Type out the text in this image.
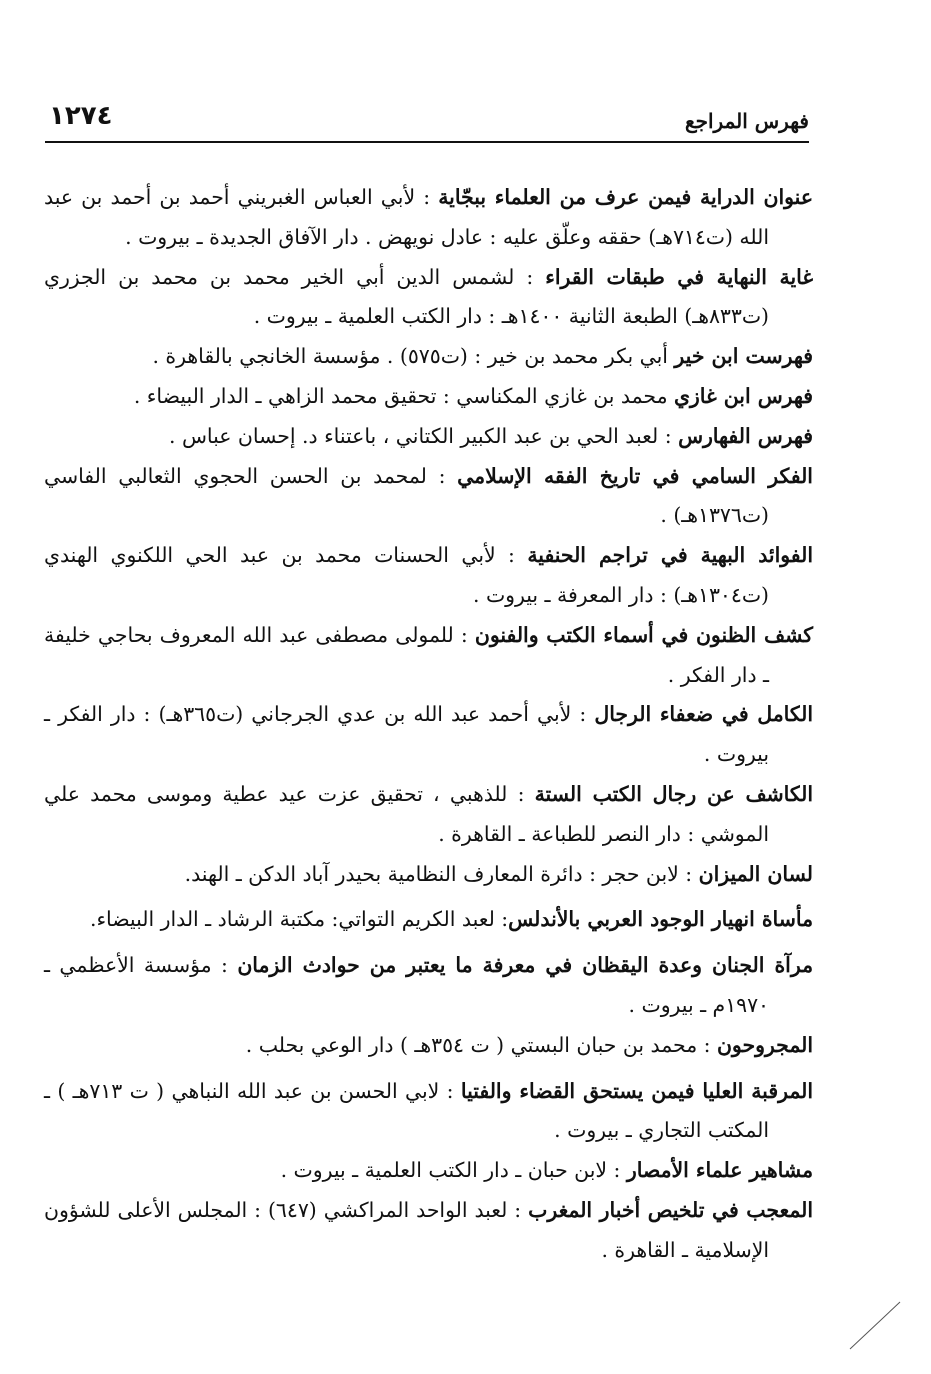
١٢٧٤	فهرس المراجع

عنوان الدراية فيمن عرف من العلماء ببجّاية : لأبي العباس الغبريني أحمد بن أحمد بن عبد الله (ت٧١٤هـ) حققه وعلّق عليه : عادل نويهض . دار الآفاق الجديدة ـ بيروت .

غاية النهاية في طبقات القراء : لشمس الدين أبي الخير محمد بن محمد بن الجزري (ت٨٣٣هـ) الطبعة الثانية ١٤٠٠هـ : دار الكتب العلمية ـ بيروت .

فهرست ابن خير أبي بكر محمد بن خير : (ت٥٧٥) . مؤسسة الخانجي بالقاهرة .

فهرس ابن غازي محمد بن غازي المكناسي : تحقيق محمد الزاهي ـ الدار البيضاء .

فهرس الفهارس : لعبد الحي بن عبد الكبير الكتاني ، باعتناء د. إحسان عباس .

الفكر السامي في تاريخ الفقه الإسلامي : لمحمد بن الحسن الحجوي الثعالبي الفاسي (ت١٣٧٦هـ) .

الفوائد البهية في تراجم الحنفية : لأبي الحسنات محمد بن عبد الحي اللكنوي الهندي (ت١٣٠٤هـ) : دار المعرفة ـ بيروت .

كشف الظنون في أسماء الكتب والفنون : للمولى مصطفى عبد الله المعروف بحاجي خليفة ـ دار الفكر .

الكامل في ضعفاء الرجال : لأبي أحمد عبد الله بن عدي الجرجاني (ت٣٦٥هـ) : دار الفكر ـ بيروت .

الكاشف عن رجال الكتب الستة : للذهبي ، تحقيق عزت عيد عطية وموسى محمد علي الموشي : دار النصر للطباعة ـ القاهرة .

لسان الميزان : لابن حجر : دائرة المعارف النظامية بحيدر آباد الدكن ـ الهند.

مأساة انهيار الوجود العربي بالأندلس: لعبد الكريم التواتي: مكتبة الرشاد ـ الدار البيضاء.

مرآة الجنان وعدة اليقظان في معرفة ما يعتبر من حوادث الزمان : مؤسسة الأعظمي ـ ١٩٧٠م ـ بيروت .

المجروحون : محمد بن حبان البستي ( ت ٣٥٤هـ ) دار الوعي بحلب .

المرقبة العليا فيمن يستحق القضاء والفتيا : لابي الحسن بن عبد الله النباهي ( ت ٧١٣هـ ) ـ المكتب التجاري ـ بيروت .

مشاهير علماء الأمصار : لابن حبان ـ دار الكتب العلمية ـ بيروت .

المعجب في تلخيص أخبار المغرب : لعبد الواحد المراكشي (٦٤٧) : المجلس الأعلى للشؤون الإسلامية ـ القاهرة .
